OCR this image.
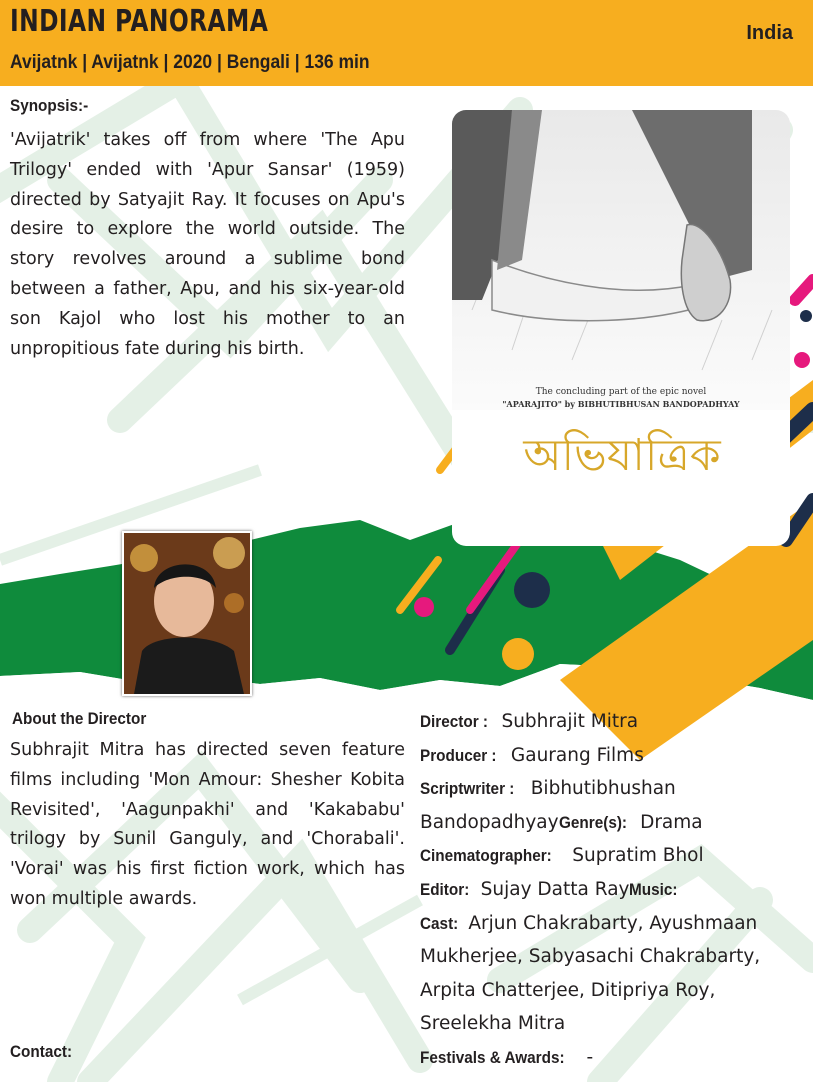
INDIAN PANORAMA
Avijatnk | Avijatnk | 2020 | Bengali | 136 min
India
Synopsis:-
'Avijatrik' takes off from where 'The Apu Trilogy' ended with 'Apur Sansar' (1959) directed by Satyajit Ray. It focuses on Apu's desire to explore the world outside. The story revolves around a sublime bond between a father, Apu, and his six-year-old son Kajol who lost his mother to an unpropitious fate during his birth.
The concluding part of the epic novel
"APARAJITO" by BIBHUTIBHUSAN BANDOPADHYAY
অভিযাত্রিক
About the Director
Subhrajit Mitra has directed seven feature films including 'Mon Amour: Shesher Kobita Revisited', 'Aagunpakhi' and 'Kakababu' trilogy by Sunil Ganguly, and 'Chorabali'. 'Vorai' was his first fiction work, which has won multiple awards.

Director : Subhrajit Mitra

Producer : Gaurang Films

Scriptwriter : Bibhutibhushan BandopadhyayGenre(s): Drama

Cinematographer: Supratim Bhol

Editor: Sujay Datta RayMusic:

Cast: Arjun Chakrabarty, Ayushmaan Mukherjee, Sabyasachi Chakrabarty, Arpita Chatterjee, Ditipriya Roy, Sreelekha Mitra

Festivals & Awards: -

Contact:
